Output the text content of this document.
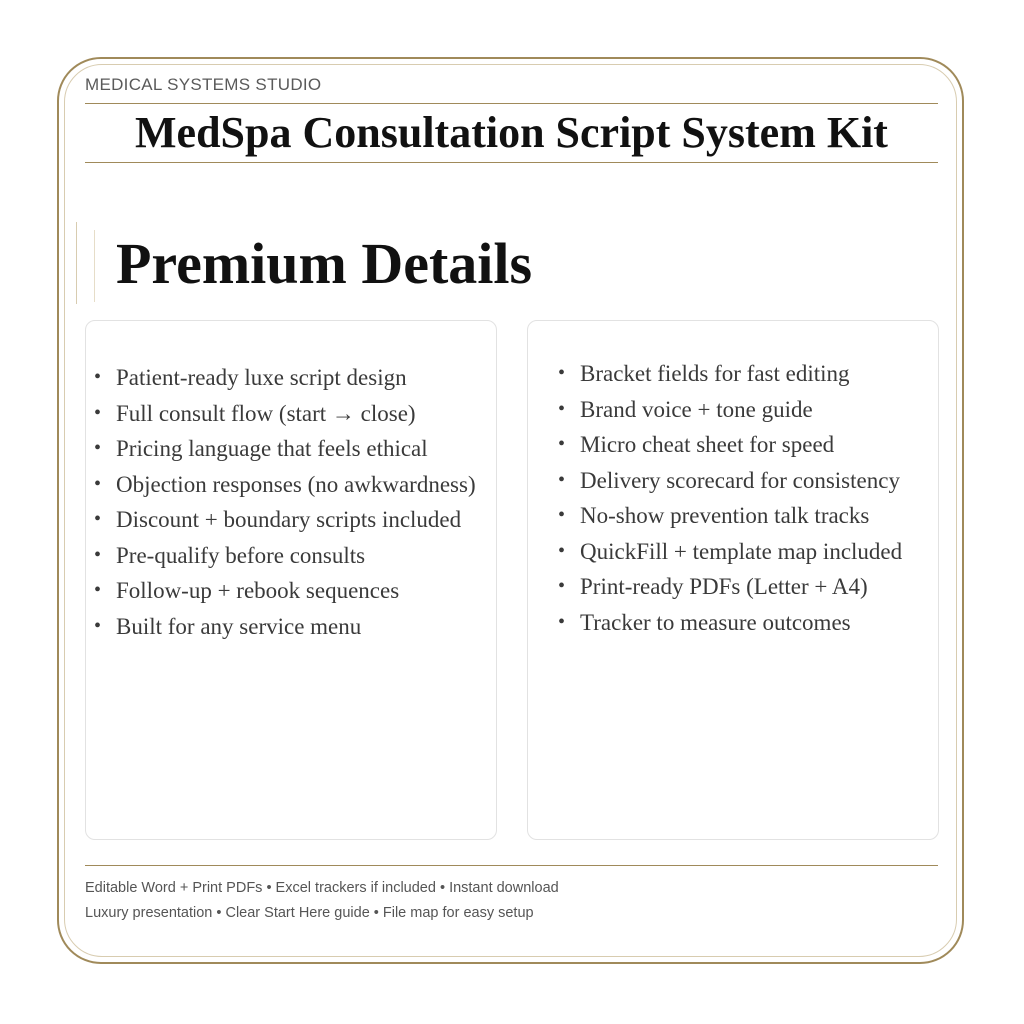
MEDICAL SYSTEMS STUDIO
MedSpa Consultation Script System Kit
Premium Details
• Patient-ready luxe script design
• Full consult flow (start → close)
• Pricing language that feels ethical
• Objection responses (no awkwardness)
• Discount + boundary scripts included
• Pre-qualify before consults
• Follow-up + rebook sequences
• Built for any service menu
• Bracket fields for fast editing
• Brand voice + tone guide
• Micro cheat sheet for speed
• Delivery scorecard for consistency
• No-show prevention talk tracks
• QuickFill + template map included
• Print-ready PDFs (Letter + A4)
• Tracker to measure outcomes
Editable Word + Print PDFs • Excel trackers if included • Instant download
Luxury presentation • Clear Start Here guide • File map for easy setup
